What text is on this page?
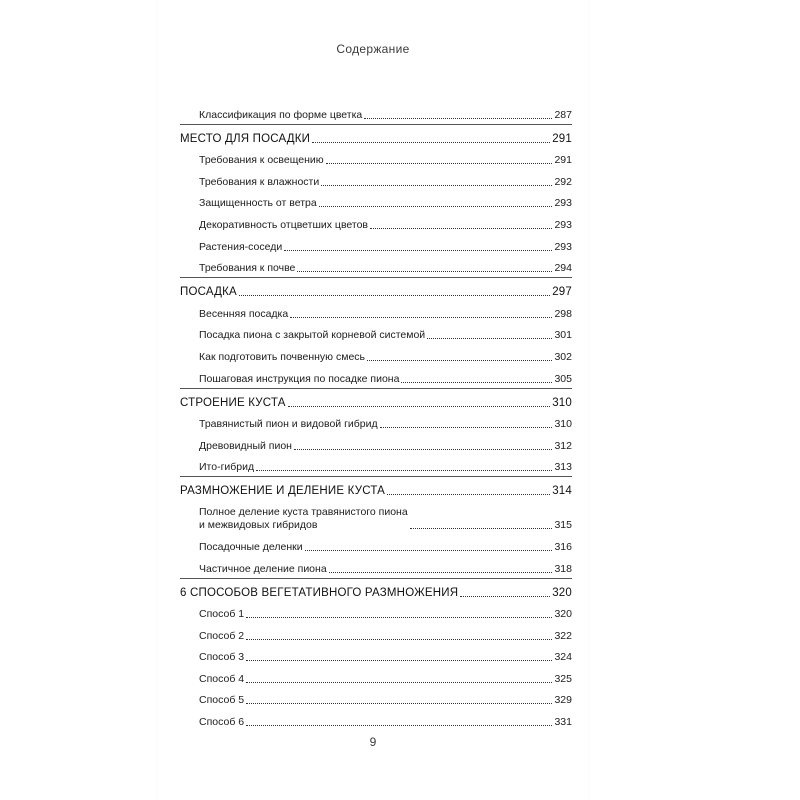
Содержание
Классификация по форме цветка	287
МЕСТО ДЛЯ ПОСАДКИ	291
Требования к освещению	291
Требования к влажности	292
Защищенность от ветра	293
Декоративность отцветших цветов	293
Растения-соседи	293
Требования к почве	294
ПОСАДКА	297
Весенняя посадка	298
Посадка пиона с закрытой корневой системой	301
Как подготовить почвенную смесь	302
Пошаговая инструкция по посадке пиона	305
СТРОЕНИЕ КУСТА	310
Травянистый пион и видовой гибрид	310
Древовидный пион	312
Ито-гибрид	313
РАЗМНОЖЕНИЕ И ДЕЛЕНИЕ КУСТА	314
Полное деление куста травянистого пиона
и межвидовых гибридов	315
Посадочные деленки	316
Частичное деление пиона	318
6 СПОСОБОВ ВЕГЕТАТИВНОГО РАЗМНОЖЕНИЯ	320
Способ 1	320
Способ 2	322
Способ 3	324
Способ 4	325
Способ 5	329
Способ 6	331
9
